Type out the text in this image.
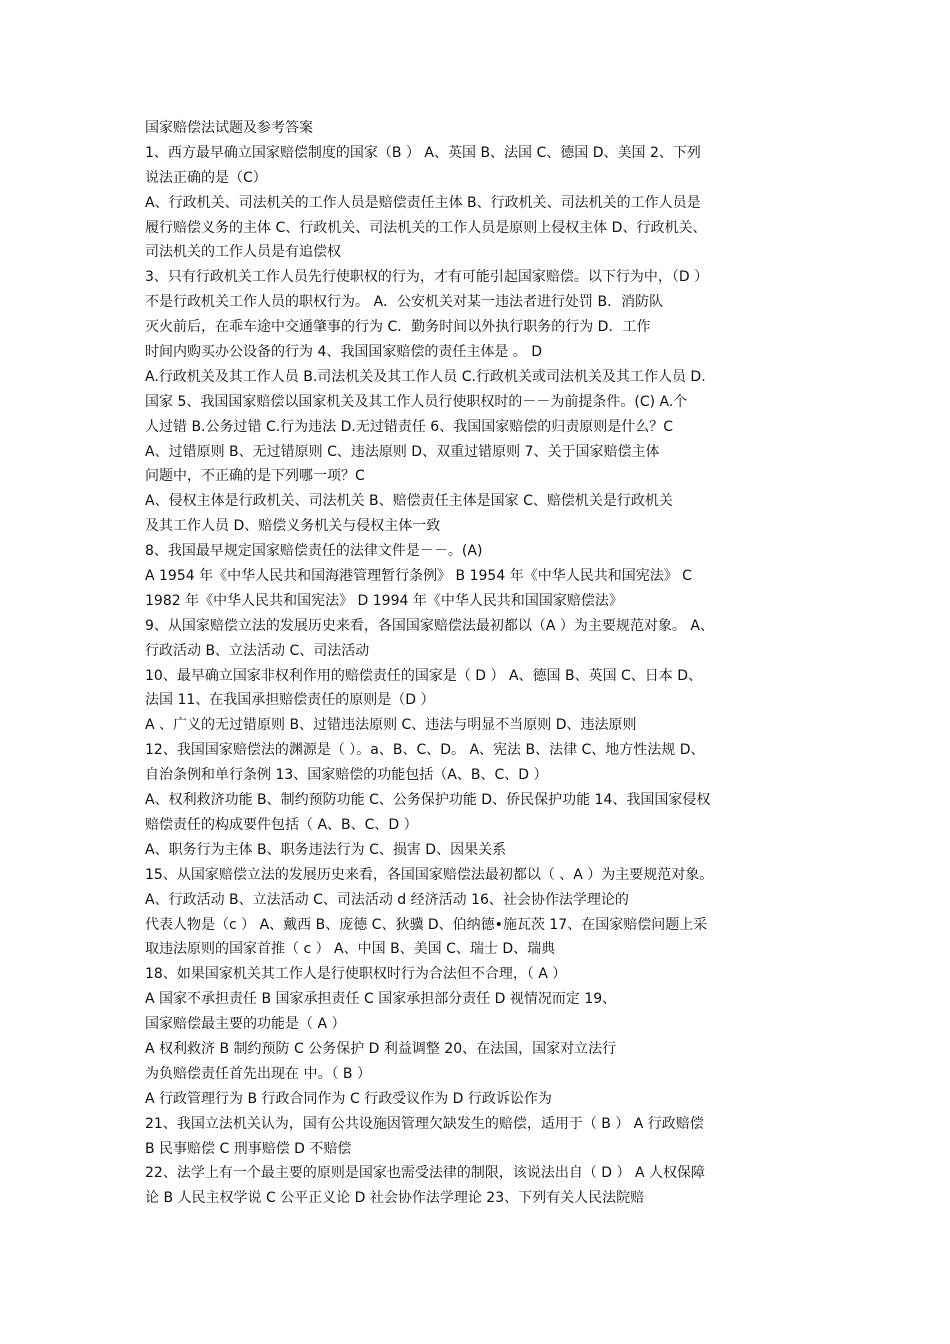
国家赔偿法试题及参考答案
1、西方最早确立国家赔偿制度的国家（B ） A、英国 B、法国 C、德国 D、美国 2、下列
说法正确的是（C）
A、行政机关、司法机关的工作人员是赔偿责任主体 B、行政机关、司法机关的工作人员是
履行赔偿义务的主体 C、行政机关、司法机关的工作人员是原则上侵权主体 D、行政机关、
司法机关的工作人员是有追偿权
3、只有行政机关工作人员先行使职权的行为，才有可能引起国家赔偿。以下行为中，（D ）
不是行政机关工作人员的职权行为。 A．公安机关对某一违法者进行处罚 B．消防队
灭火前后，在乖车途中交通肇事的行为 C．勤务时间以外执行职务的行为 D．工作
时间内购买办公设备的行为 4、我国国家赔偿的责任主体是 。 D
A.行政机关及其工作人员 B.司法机关及其工作人员 C.行政机关或司法机关及其工作人员 D.
国家 5、我国国家赔偿以国家机关及其工作人员行使职权时的－－为前提条件。(C) A.个
人过错 B.公务过错 C.行为违法 D.无过错责任 6、我国国家赔偿的归责原则是什么？C
A、过错原则 B、无过错原则 C、违法原则 D、双重过错原则 7、关于国家赔偿主体
问题中，不正确的是下列哪一项？C
A、侵权主体是行政机关、司法机关 B、赔偿责任主体是国家 C、赔偿机关是行政机关
及其工作人员 D、赔偿义务机关与侵权主体一致
8、我国最早规定国家赔偿责任的法律文件是－－。(A)
A 1954 年《中华人民共和国海港管理暂行条例》 B 1954 年《中华人民共和国宪法》 C
1982 年《中华人民共和国宪法》 D 1994 年《中华人民共和国国家赔偿法》
9、从国家赔偿立法的发展历史来看，各国国家赔偿法最初都以（A ）为主要规范对象。 A、
行政活动 B、立法活动 C、司法活动
10、最早确立国家非权利作用的赔偿责任的国家是（ D ） A、德国 B、英国 C、日本 D、
法国 11、在我国承担赔偿责任的原则是（D ）
A 、广义的无过错原则 B、过错违法原则 C、违法与明显不当原则 D、违法原则
12、我国国家赔偿法的渊源是（ ）。a、B、C、D。 A、宪法 B、法律 C、地方性法规 D、
自治条例和单行条例 13、国家赔偿的功能包括（A、B、C、D ）
A、权利救济功能 B、制约预防功能 C、公务保护功能 D、侨民保护功能 14、我国国家侵权
赔偿责任的构成要件包括（ A、B、C、D ）
A、职务行为主体 B、职务违法行为 C、损害 D、因果关系
15、从国家赔偿立法的发展历史来看，各国国家赔偿法最初都以（ 、A ）为主要规范对象。
A、行政活动 B、立法活动 C、司法活动 d 经济活动 16、社会协作法学理论的
代表人物是（c ） A、戴西 B、庞德 C、狄骥 D、伯纳德•施瓦茨 17、在国家赔偿问题上采
取违法原则的国家首推（ c ） A、中国 B、美国 C、瑞士 D、瑞典
18、如果国家机关其工作人是行使职权时行为合法但不合理，（ A ）
A 国家不承担责任 B 国家承担责任 C 国家承担部分责任 D 视情况而定 19、
国家赔偿最主要的功能是（ A ）
A 权利救济 B 制约预防 C 公务保护 D 利益调整 20、在法国，国家对立法行
为负赔偿责任首先出现在 中。（ B ）
A 行政管理行为 B 行政合同作为 C 行政受议作为 D 行政诉讼作为
21、我国立法机关认为，国有公共设施因管理欠缺发生的赔偿，适用于（ B ） A 行政赔偿
B 民事赔偿 C 刑事赔偿 D 不赔偿
22、法学上有一个最主要的原则是国家也需受法律的制限，该说法出自（ D ） A 人权保障
论 B 人民主权学说 C 公平正义论 D 社会协作法学理论 23、下列有关人民法院赔
